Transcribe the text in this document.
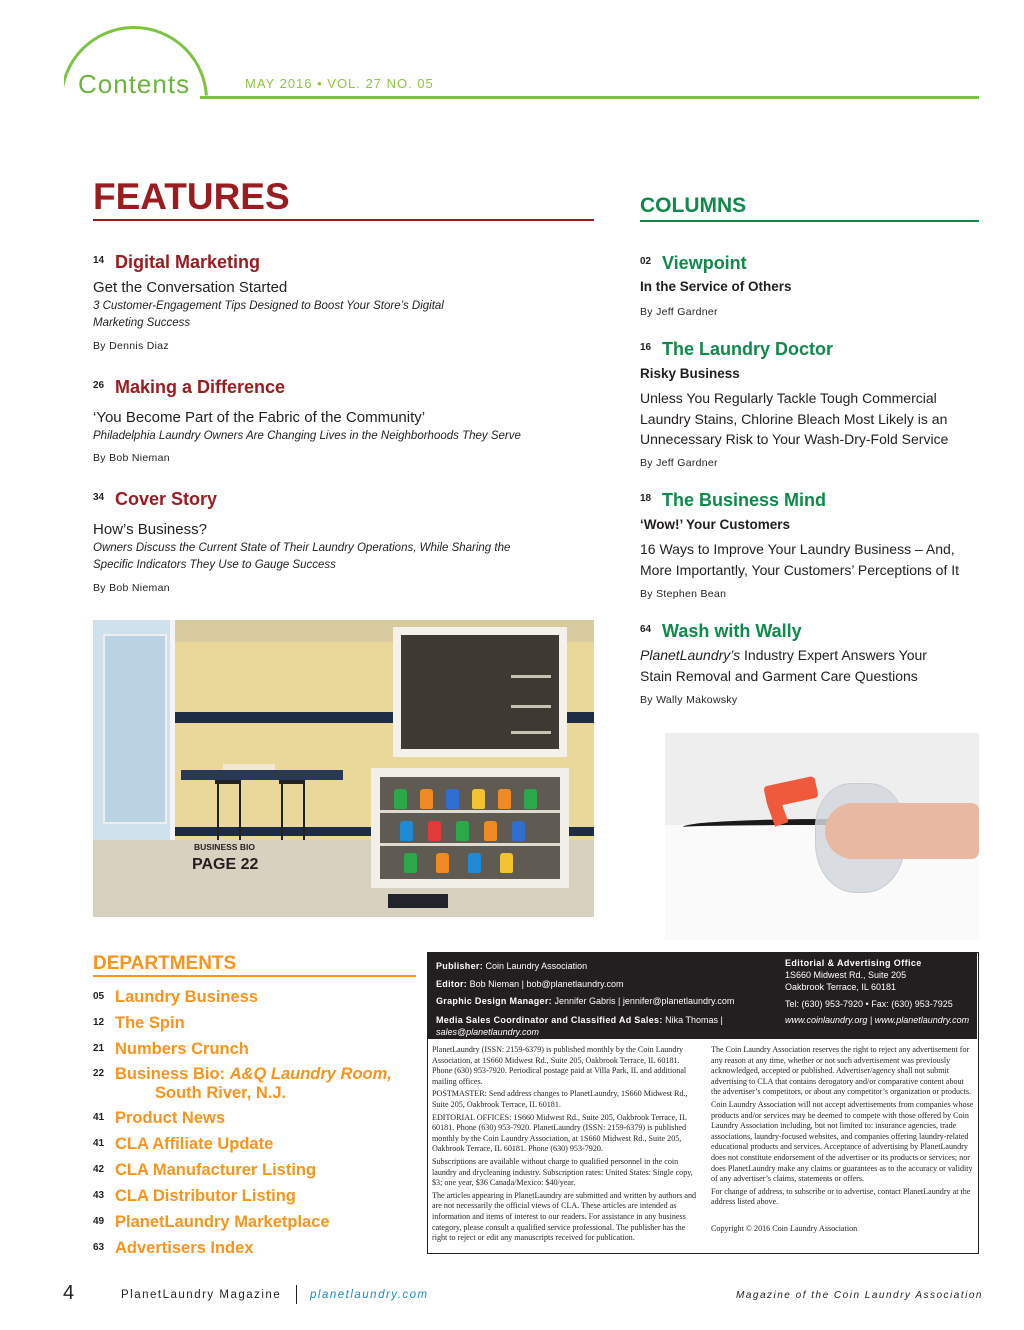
Contents	MAY 2016 • VOL. 27 NO. 05
FEATURES
14 Digital Marketing
Get the Conversation Started
3 Customer-Engagement Tips Designed to Boost Your Store’s Digital Marketing Success
By Dennis Diaz
26 Making a Difference
‘You Become Part of the Fabric of the Community’
Philadelphia Laundry Owners Are Changing Lives in the Neighborhoods They Serve
By Bob Nieman
34 Cover Story
How’s Business?
Owners Discuss the Current State of Their Laundry Operations, While Sharing the Specific Indicators They Use to Gauge Success
By Bob Nieman
COLUMNS
02 Viewpoint
In the Service of Others
By Jeff Gardner
16 The Laundry Doctor
Risky Business
Unless You Regularly Tackle Tough Commercial Laundry Stains, Chlorine Bleach Most Likely is an Unnecessary Risk to Your Wash-Dry-Fold Service
By Jeff Gardner
18 The Business Mind
‘Wow!’ Your Customers
16 Ways to Improve Your Laundry Business – And, More Importantly, Your Customers’ Perceptions of It
By Stephen Bean
64 Wash with Wally
PlanetLaundry’s Industry Expert Answers Your Stain Removal and Garment Care Questions
By Wally Makowsky
BUSINESS BIO
PAGE 22
DEPARTMENTS
05 Laundry Business
12 The Spin
21 Numbers Crunch
22 Business Bio: A&Q Laundry Room,
South River, N.J.
41 Product News
41 CLA Affiliate Update
42 CLA Manufacturer Listing
43 CLA Distributor Listing
49 PlanetLaundry Marketplace
63 Advertisers Index
Publisher: Coin Laundry Association
Editor: Bob Nieman | bob@planetlaundry.com
Graphic Design Manager: Jennifer Gabris | jennifer@planetlaundry.com
Media Sales Coordinator and Classified Ad Sales: Nika Thomas |
sales@planetlaundry.com
Editorial & Advertising Office
1S660 Midwest Rd., Suite 205
Oakbrook Terrace, IL 60181
Tel: (630) 953-7920 • Fax: (630) 953-7925
www.coinlaundry.org | www.planetlaundry.com

PlanetLaundry (ISSN: 2159-6379) is published monthly by the Coin Laundry Association, at 1S660 Midwest Rd., Suite 205, Oakbrook Terrace, IL 60181. Phone (630) 953-7920. Periodical postage paid at Villa Park, IL and additional mailing offices.

POSTMASTER: Send address changes to PlanetLaundry, 1S660 Midwest Rd., Suite 205, Oakbrook Terrace, IL 60181.

EDITORIAL OFFICES: 1S660 Midwest Rd., Suite 205, Oakbrook Terrace, IL 60181. Phone (630) 953-7920. PlanetLaundry (ISSN: 2159-6379) is published monthly by the Coin Laundry Association, at 1S660 Midwest Rd., Suite 205, Oakbrook Terrace, IL 60181. Phone (630) 953-7920.

Subscriptions are available without charge to qualified personnel in the coin laundry and drycleaning industry. Subscription rates: United States: Single copy, $3; one year, $36 Canada/Mexico: $40/year.

The articles appearing in PlanetLaundry are submitted and written by authors and are not necessarily the official views of CLA. These articles are intended as information and items of interest to our readers. For assistance in any business category, please consult a qualified service professional. The publisher has the right to reject or edit any manuscripts received for publication.

The Coin Laundry Association reserves the right to reject any advertisement for any reason at any time, whether or not such advertisement was previously acknowledged, accepted or published. Advertiser/agency shall not submit advertising to CLA that contains derogatory and/or comparative content about the advertiser’s competitors, or about any competitor’s organization or products.

Coin Laundry Association will not accept advertisements from companies whose products and/or services may be deemed to compete with those offered by Coin Laundry Association including, but not limited to: insurance agencies, trade associations, laundry-focused websites, and companies offering laundry-related educational products and services. Acceptance of advertising by PlanetLaundry does not constitute endorsement of the advertiser or its products or services; nor does PlanetLaundry make any claims or guarantees as to the accuracy or validity of any advertiser’s claims, statements or offers.

For change of address, to subscribe or to advertise, contact PlanetLaundry at the address listed above.

Copyright © 2016 Coin Laundry Association

4	PlanetLaundry Magazine	planetlaundry.com	Magazine of the Coin Laundry Association
